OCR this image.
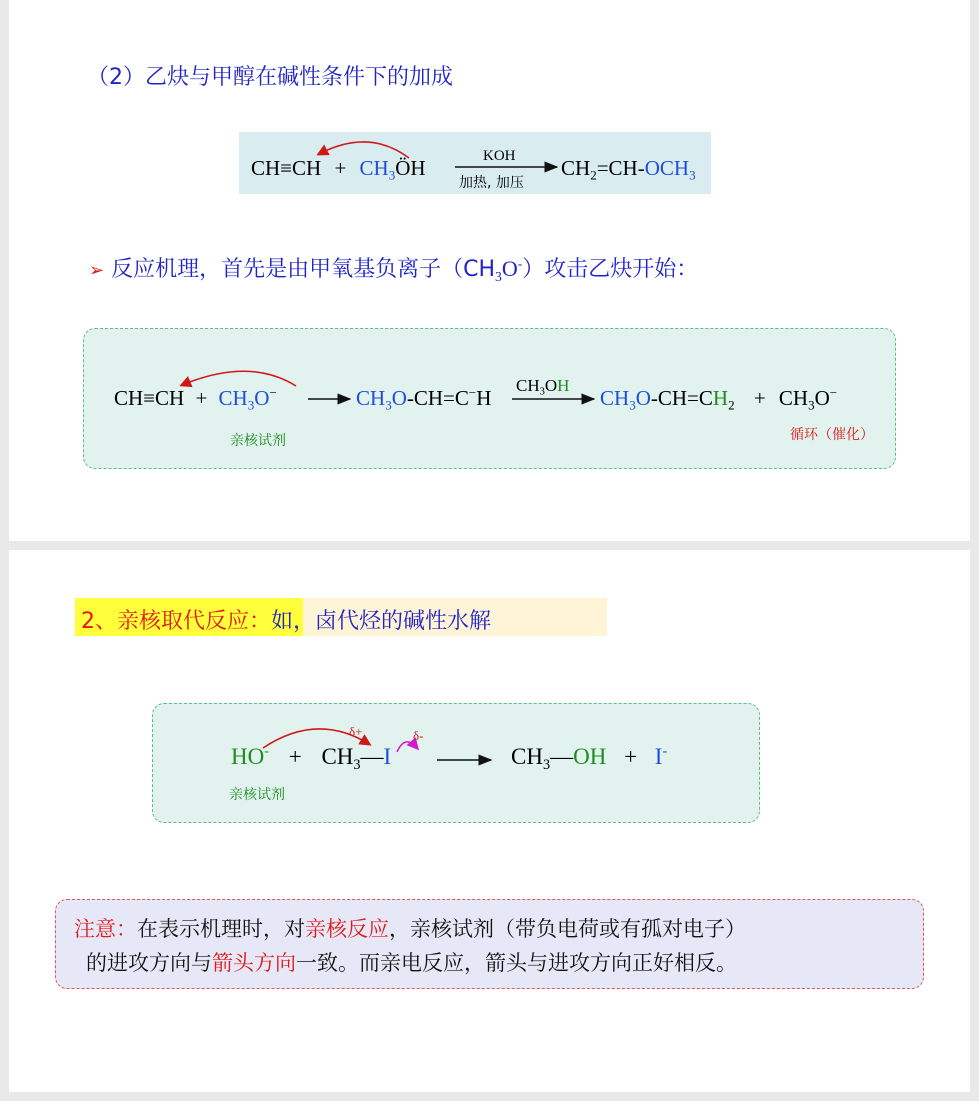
（2）乙炔与甲醇在碱性条件下的加成
$CH\equiv CH + CH_3ÖH$	KOH
加热, 加压
$CH_2=CH-OCH_3$
➢ 反应机理，首先是由甲氧基负离子$(CH_3O^-)$攻击乙炔开始：
$CH\equiv CH + CH_3O^-$	$CH_3O-CH=C^-H$
$CH_3OH$
$CH_3O-CH=CH_2 + CH_3O^-$
亲核试剂	循环（催化）
2、亲核取代反应：如，卤代烃的碱性水解
$HO^- + CH_3—I$
δ+	δ-
$CH_3—OH + I^-$
亲核试剂
注意：在表示机理时，对亲核反应，亲核试剂（带负电荷或有孤对电子）
的进攻方向与箭头方向一致。而亲电反应，箭头与进攻方向正好相反。
